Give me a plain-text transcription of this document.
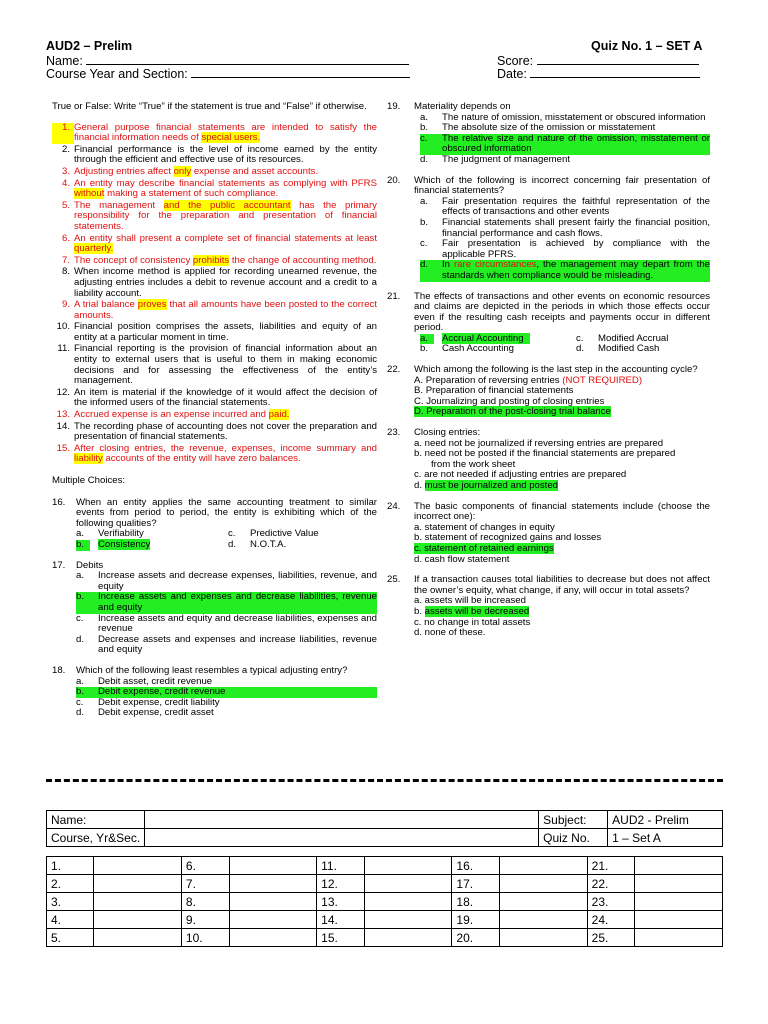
AUD2 – Prelim	Quiz No. 1 – SET A
Name:	Score:
Course Year and Section:	Date:
True or False: Write “True” if the statement is true and “False” if otherwise.
1. General purpose financial statements are intended to satisfy the financial information needs of special users.
2. Financial performance is the level of income earned by the entity through the efficient and effective use of its resources.
3. Adjusting entries affect only expense and asset accounts.
4. An entity may describe financial statements as complying with PFRS without making a statement of such compliance.
5. The management and the public accountant has the primary responsibility for the preparation and presentation of financial statements.
6. An entity shall present a complete set of financial statements at least quarterly.
7. The concept of consistency prohibits the change of accounting method.
8. When income method is applied for recording unearned revenue, the adjusting entries includes a debit to revenue account and a credit to a liability account.
9. A trial balance proves that all amounts have been posted to the correct amounts.
10. Financial position comprises the assets, liabilities and equity of an entity at a particular moment in time.
11. Financial reporting is the provision of financial information about an entity to external users that is useful to them in making economic decisions and for assessing the effectiveness of the entity’s management.
12. An item is material if the knowledge of it would affect the decision of the informed users of the financial statements.
13. Accrued expense is an expense incurred and paid.
14. The recording phase of accounting does not cover the preparation and presentation of financial statements.
15. After closing entries, the revenue, expenses, income summary and liability accounts of the entity will have zero balances.
Multiple Choices:
16.	When an entity applies the same accounting treatment to similar events from period to period, the entity is exhibiting which of the following qualities?
a.	Verifiability	c.	Predictive Value
b.	Consistency	d.	N.O.T.A.
17.	Debits
a.	Increase assets and decrease expenses, liabilities, revenue, and equity
b.	Increase assets and expenses and decrease liabilities, revenue and equity
c.	Increase assets and equity and decrease liabilities, expenses and revenue
d.	Decrease assets and expenses and increase liabilities, revenue and equity
18.	Which of the following least resembles a typical adjusting entry?
a.	Debit asset, credit revenue
b.	Debit expense, credit revenue
c.	Debit expense, credit liability
d.	Debit expense, credit asset
19.	Materiality depends on
a.	The nature of omission, misstatement or obscured information
b.	The absolute size of the omission or misstatement
c.	The relative size and nature of the omission, misstatement or obscured information
d.	The judgment of management
20.	Which of the following is incorrect concerning fair presentation of financial statements?
a.	Fair presentation requires the faithful representation of the effects of transactions and other events
b.	Financial statements shall present fairly the financial position, financial performance and cash flows.
c.	Fair presentation is achieved by compliance with the applicable PFRS.
d.	In rare circumstances, the management may depart from the standards when compliance would be misleading.
21.	The effects of transactions and other events on economic resources and claims are depicted in the periods in which those effects occur even if the resulting cash receipts and payments occur in different period.
a.	Accrual Accounting	c.	Modified Accrual
b.	Cash Accounting	d.	Modified Cash
22.	Which among the following is the last step in the accounting cycle?
A. Preparation of reversing entries (NOT REQUIRED)
B. Preparation of financial statements
C. Journalizing and posting of closing entries
D. Preparation of the post-closing trial balance
23.	Closing entries:
a. need not be journalized if reversing entries are prepared
b. need not be posted if the financial statements are prepared
from the work sheet
c. are not needed if adjusting entries are prepared
d. must be journalized and posted
24.	The basic components of financial statements include (choose the incorrect one):
a. statement of changes in equity
b. statement of recognized gains and losses
c. statement of retained earnings
d. cash flow statement
25.	If a transaction causes total liabilities to decrease but does not affect the owner’s equity, what change, if any, will occur in total assets?
a. assets will be increased
b. assets will be decreased
c. no change in total assets
d. none of these.
Name:		Subject:	AUD2 - Prelim
Course, Yr&Sec.		Quiz No.	1 – Set A
1.		6.		11.		16.		21.	
2.		7.		12.		17.		22.	
3.		8.		13.		18.		23.	
4.		9.		14.		19.		24.	
5.		10.		15.		20.		25.	
